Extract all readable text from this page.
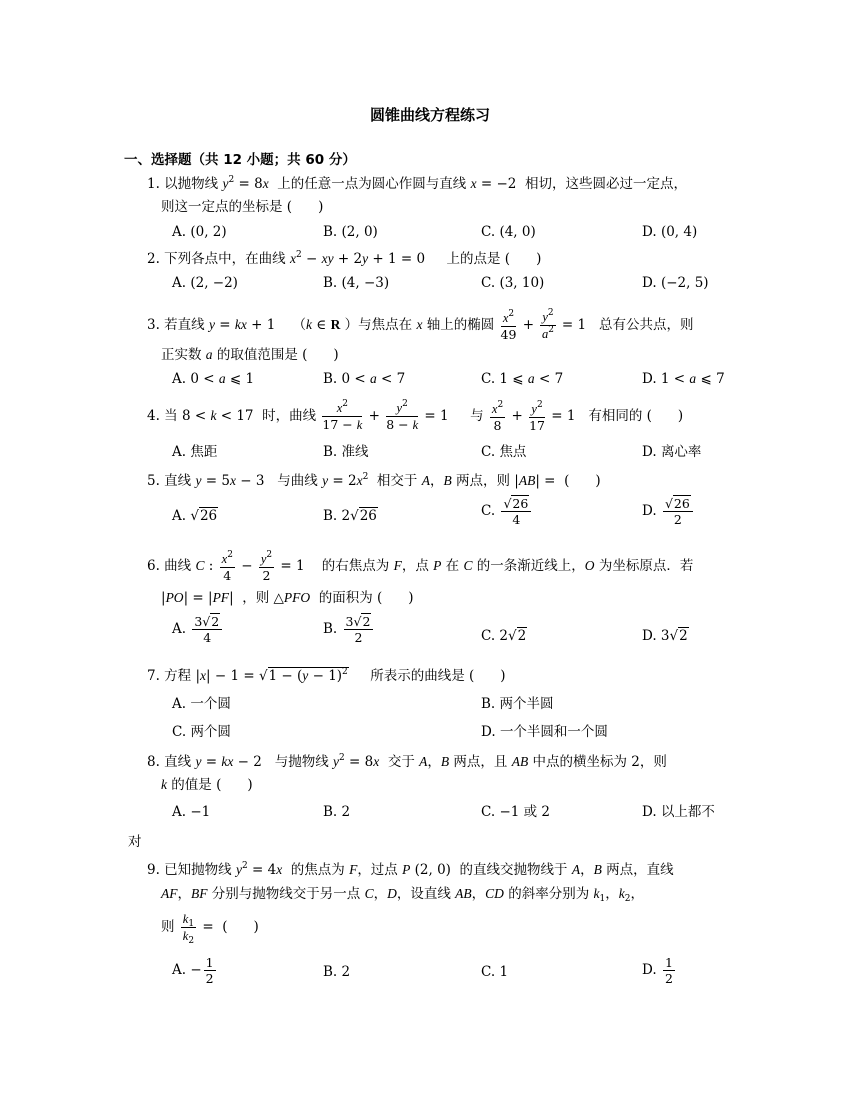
圆锥曲线方程练习
一、选择题（共 12 小题；共 60 分）
1. 以抛物线 $y^2 = 8x$  上的任意一点为圆心作圆与直线 x = −2  相切，这些圆必过一定点，
则这一定点的坐标是 ( )
A. (0, 2)	B. (2, 0)	C. (4, 0)	D. (0, 4)
2. 下列各点中，在曲线 $x^2$ − xy + 2y + 1 = 0     上的点是 ( )
A. (2, −2)	B. (4, −3)	C. (3, 10)	D. (−2, 5)
3. 若直线 y = kx + 1    （k ∈ R ）与焦点在 x 轴上的椭圆 $\frac{x^2}{49} + \frac{y^2}{a^2} = 1$   总有公共点，则
正实数 a 的取值范围是 ( )
A. 0 < a ⩽ 1	B. 0 < a < 7	C. 1 ⩽ a < 7	D. 1 < a ⩽ 7
4. 当 8 < k < 17  时，曲线 $\frac{x^2}{17 - k} + \frac{y^2}{8 - k} = 1$     与 $\frac{x^2}{8} + \frac{y^2}{17} = 1$   有相同的 ( )
A. 焦距	B. 准线	C. 焦点	D. 离心率
5. 直线 y = 5x − 3   与曲线 $y = 2x^2$  相交于 A，B 两点，则 |AB| =  ( )
A. √26	B. 2√26	C. $\frac{√26}{4}$	D. $\frac{√26}{2}$
6. 曲线 C : $\frac{x^2}{4} - \frac{y^2}{2} = 1$    的右焦点为 F，点 P 在 C 的一条渐近线上，O 为坐标原点．若
|PO| = |PF|  ，则 △PFO  的面积为 ( )
A. $\frac{3√2}{4}$	B. $\frac{3√2}{2}$	C. 2√2	D. 3√2
7. 方程 $|x| - 1 = √1 - (y - 1)^2$     所表示的曲线是 ( )
A. 一个圆	B. 两个半圆
C. 两个圆	D. 一个半圆和一个圆
8. 直线 y = kx − 2   与抛物线 $y^2 = 8x$  交于 A，B 两点，且 AB 中点的横坐标为 2，则
k 的值是 ( )
A. −1	B. 2	C. −1 或 2	D. 以上都不
对
9. 已知抛物线 $y^2 = 4x$  的焦点为 F，过点 P (2, 0)  的直线交抛物线于 A，B 两点，直线
AF，BF 分别与抛物线交于另一点 C，D，设直线 AB，CD 的斜率分别为 $k_1$，$k_2$，
则 $\frac{k_1}{k_2}$ =  ( )
A. − $\frac{1}{2}$	B. 2	C. 1	D. $\frac{1}{2}$
